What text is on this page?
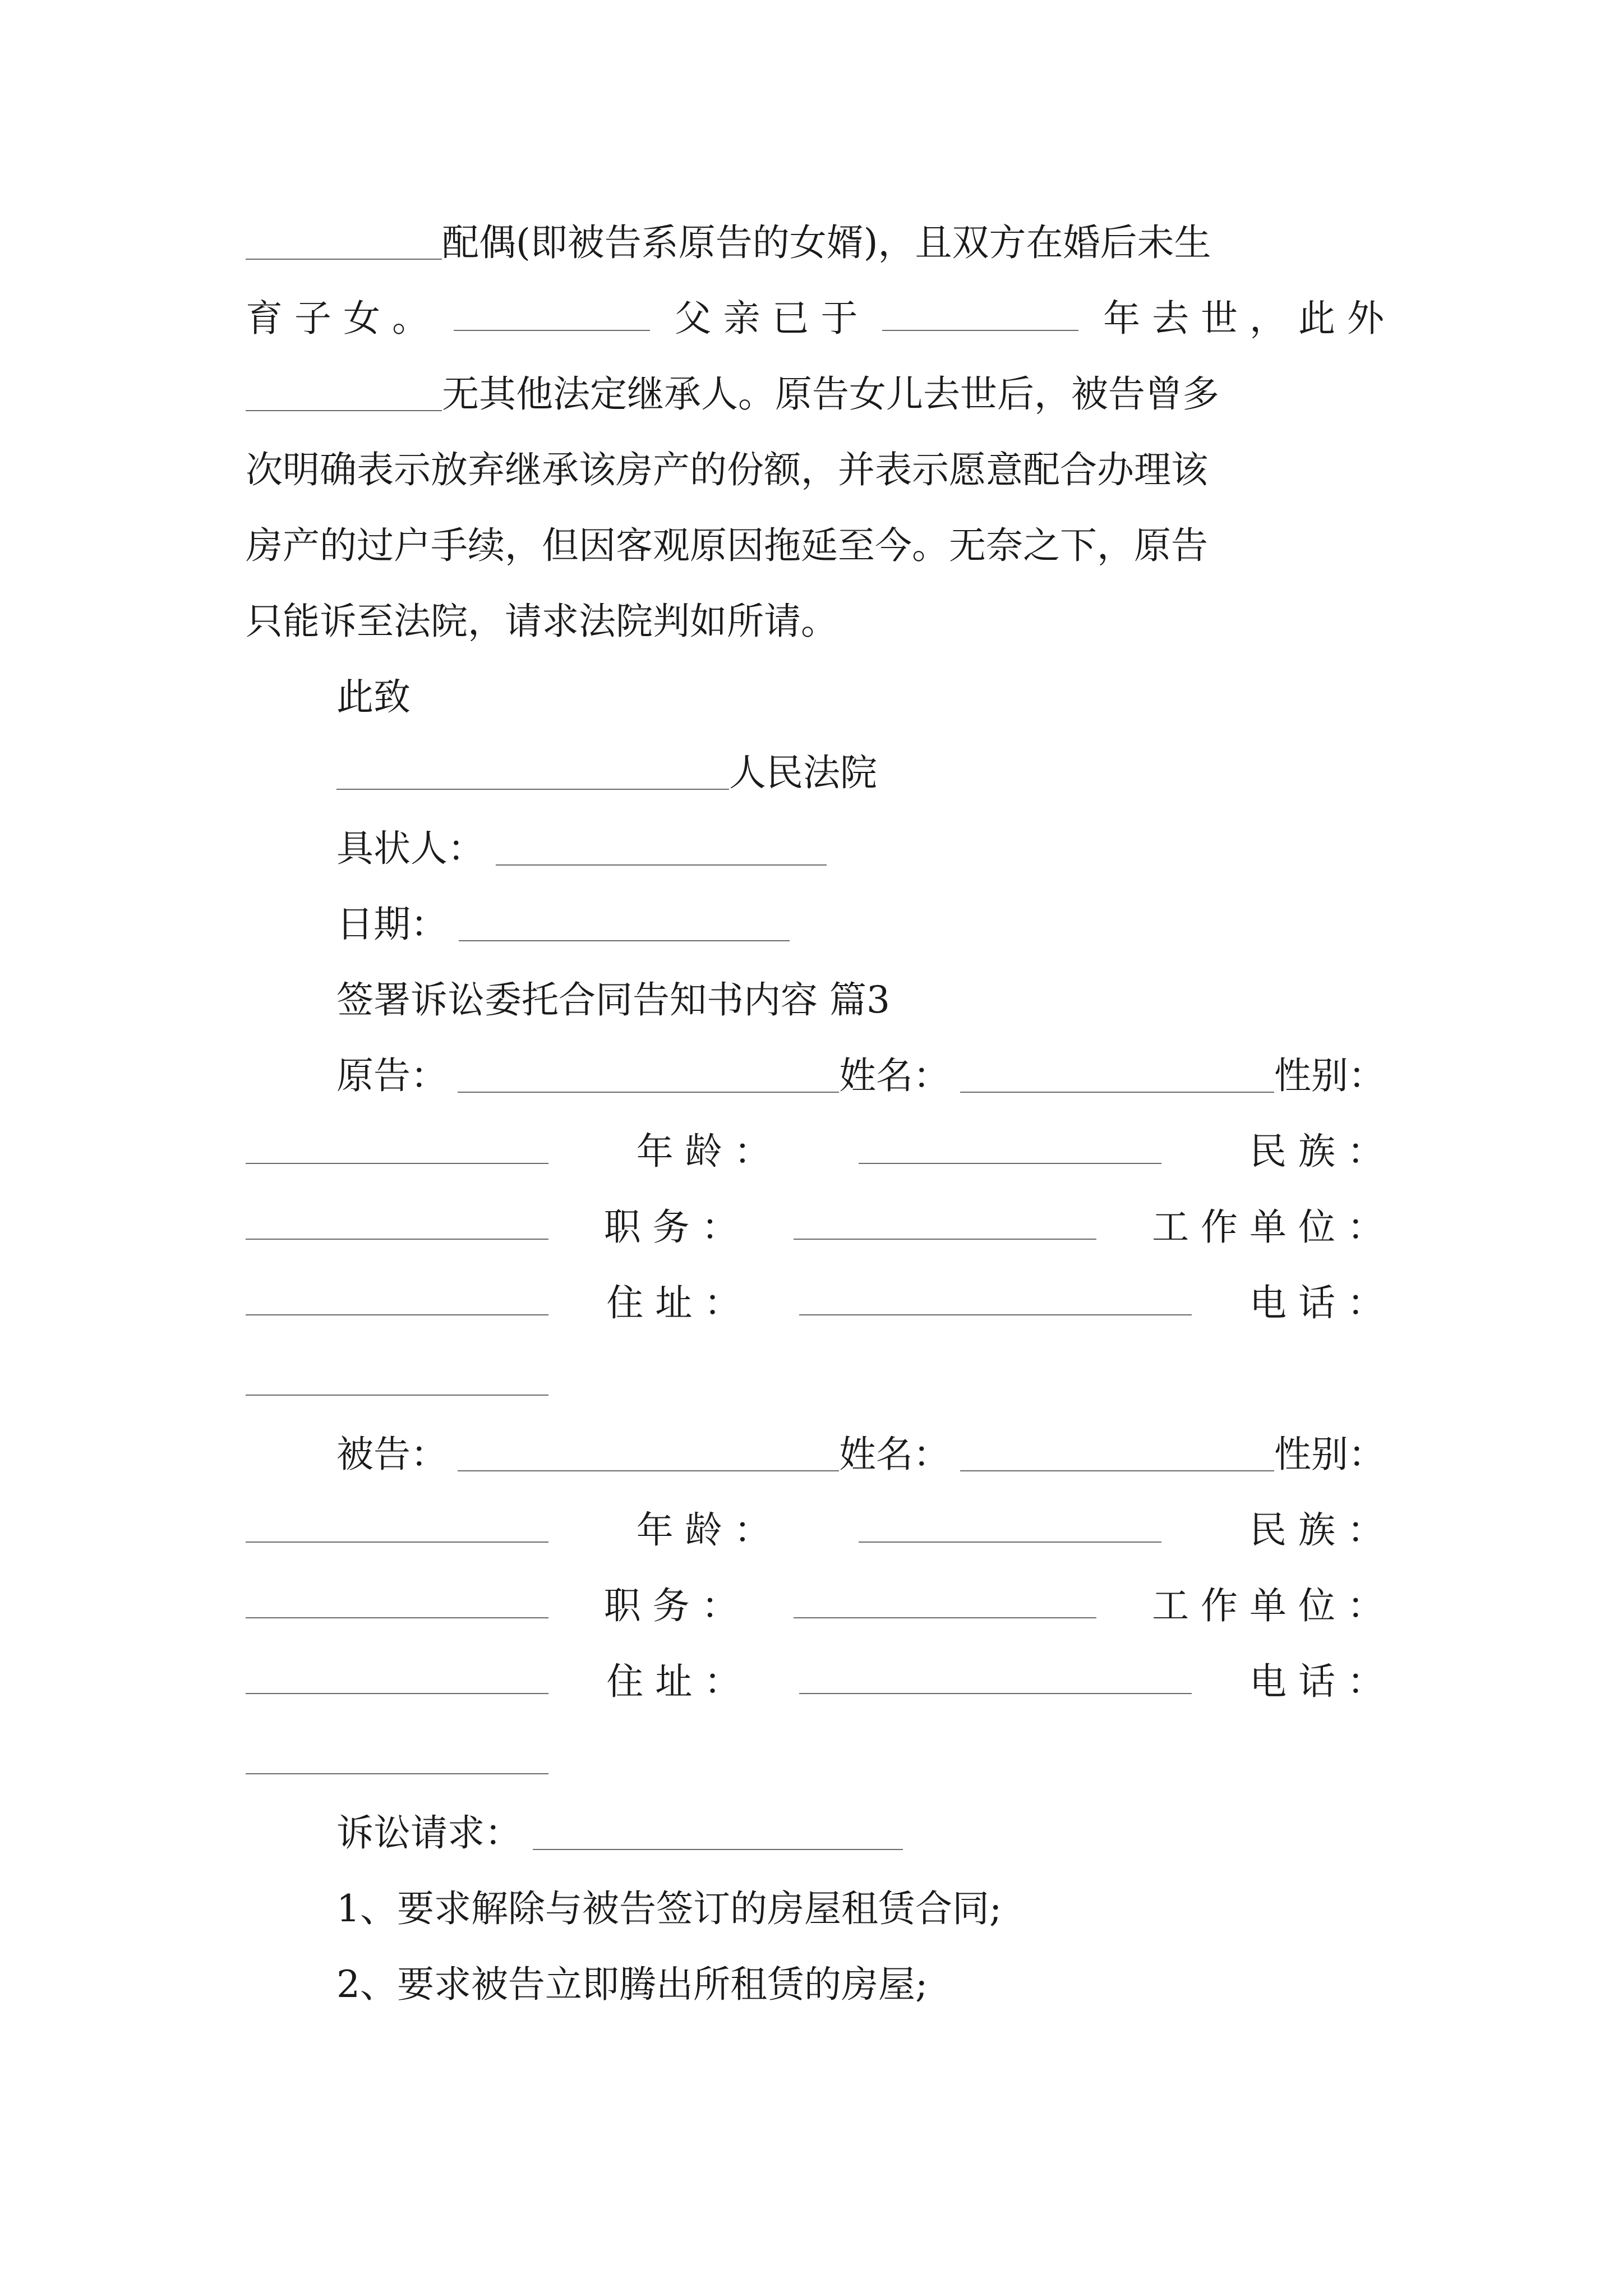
配偶(即被告系原告的女婿)，且双方在婚后未生
育 子 女 。	父 亲 已 于	年 去 世 ， 此 外
无其他法定继承人。原告女儿去世后，被告曾多
次明确表示放弃继承该房产的份额，并表示愿意配合办理该
房产的过户手续，但因客观原因拖延至今。无奈之下，原告
只能诉至法院，请求法院判如所请。
此致
人民法院
具状人：
日期：
签署诉讼委托合同告知书内容 篇3
原告：	姓名：	性别：
年 龄 ：	民 族 ：
职 务 ：	工 作 单 位 ：
住 址 ：	电 话 ：
被告：	姓名：	性别：
年 龄 ：	民 族 ：
职 务 ：	工 作 单 位 ：
住 址 ：	电 话 ：
诉讼请求：
1、要求解除与被告签订的房屋租赁合同;
2、要求被告立即腾出所租赁的房屋;
